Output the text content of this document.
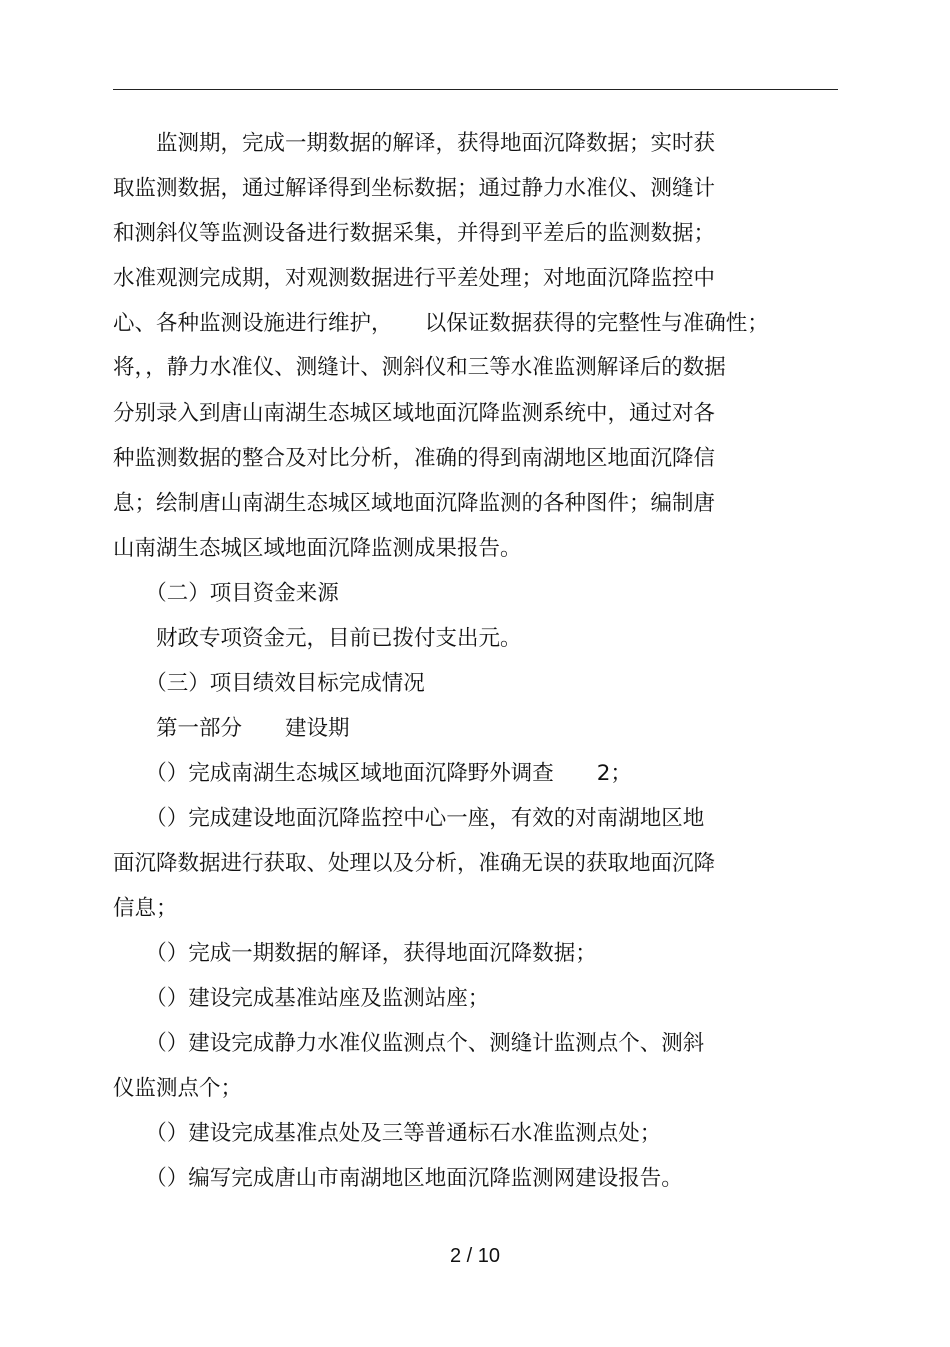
　　监测期，完成一期数据的解译，获得地面沉降数据；实时获
取监测数据，通过解译得到坐标数据；通过静力水准仪、测缝计
和测斜仪等监测设备进行数据采集，并得到平差后的监测数据；
水准观测完成期，对观测数据进行平差处理；对地面沉降监控中
心、各种监测设施进行维护，　　以保证数据获得的完整性与准确性；
将，，静力水准仪、测缝计、测斜仪和三等水准监测解译后的数据
分别录入到唐山南湖生态城区域地面沉降监测系统中，通过对各
种监测数据的整合及对比分析，准确的得到南湖地区地面沉降信
息；绘制唐山南湖生态城区域地面沉降监测的各种图件；编制唐
山南湖生态城区域地面沉降监测成果报告。
　　（二）项目资金来源
　　财政专项资金元，目前已拨付支出元。
　　（三）项目绩效目标完成情况
　　第一部分　　建设期
　　（）完成南湖生态城区域地面沉降野外调查　　2；
　　（）完成建设地面沉降监控中心一座，有效的对南湖地区地
面沉降数据进行获取、处理以及分析，准确无误的获取地面沉降
信息；
　　（）完成一期数据的解译，获得地面沉降数据；
　　（）建设完成基准站座及监测站座；
　　（）建设完成静力水准仪监测点个、测缝计监测点个、测斜
仪监测点个；
　　（）建设完成基准点处及三等普通标石水准监测点处；
　　（）编写完成唐山市南湖地区地面沉降监测网建设报告。
2 / 10
